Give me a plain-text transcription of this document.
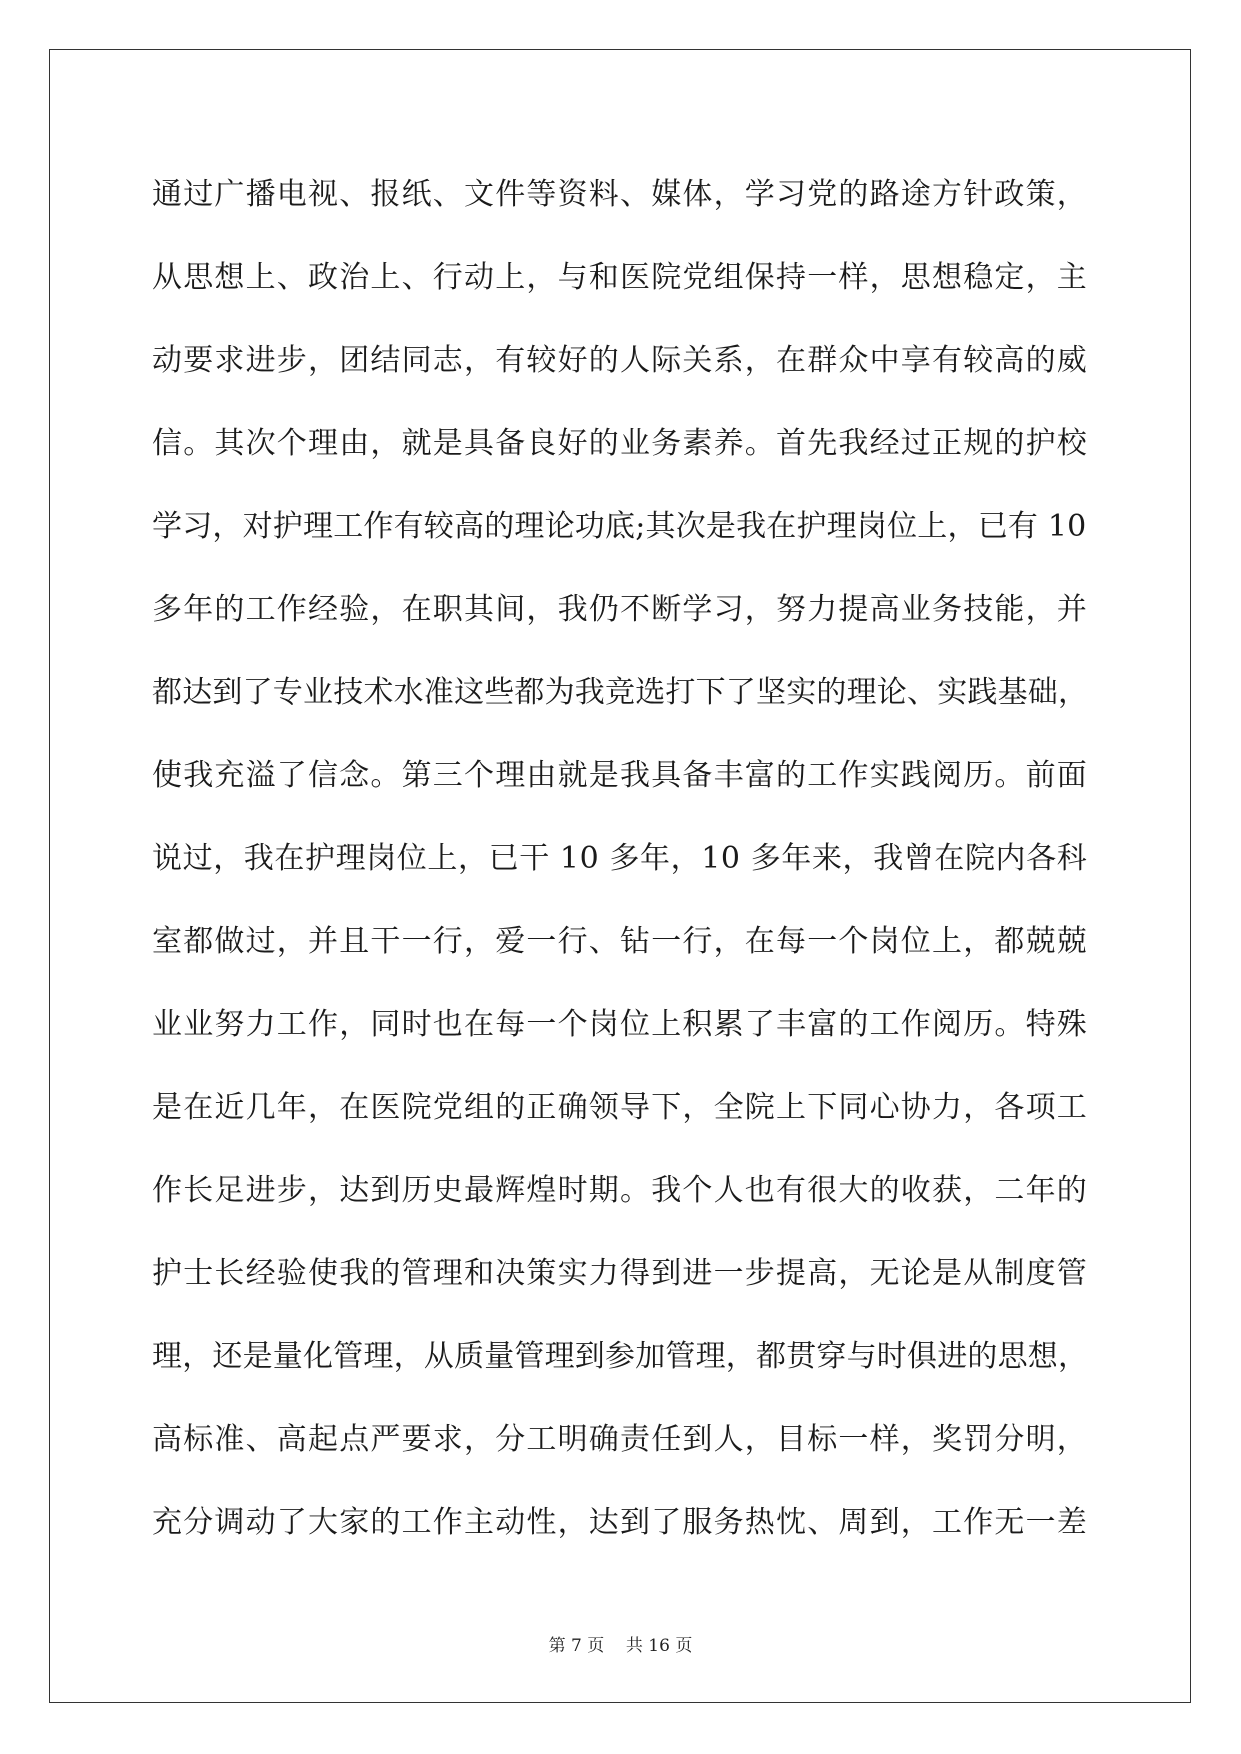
通过广播电视、报纸、文件等资料、媒体，学习党的路途方针政策，
从思想上、政治上、行动上，与和医院党组保持一样，思想稳定，主
动要求进步，团结同志，有较好的人际关系，在群众中享有较高的威
信。其次个理由，就是具备良好的业务素养。首先我经过正规的护校
学习，对护理工作有较高的理论功底;其次是我在护理岗位上，已有 10
多年的工作经验，在职其间，我仍不断学习，努力提高业务技能，并
都达到了专业技术水准这些都为我竞选打下了坚实的理论、实践基础，
使我充溢了信念。第三个理由就是我具备丰富的工作实践阅历。前面
说过，我在护理岗位上，已干 10 多年，10 多年来，我曾在院内各科
室都做过，并且干一行，爱一行、钻一行，在每一个岗位上，都兢兢
业业努力工作，同时也在每一个岗位上积累了丰富的工作阅历。特殊
是在近几年，在医院党组的正确领导下，全院上下同心协力，各项工
作长足进步，达到历史最辉煌时期。我个人也有很大的收获，二年的
护士长经验使我的管理和决策实力得到进一步提高，无论是从制度管
理，还是量化管理，从质量管理到参加管理，都贯穿与时俱进的思想，
高标准、高起点严要求，分工明确责任到人，目标一样，奖罚分明，
充分调动了大家的工作主动性，达到了服务热忱、周到，工作无一差
第 7 页    共 16 页
